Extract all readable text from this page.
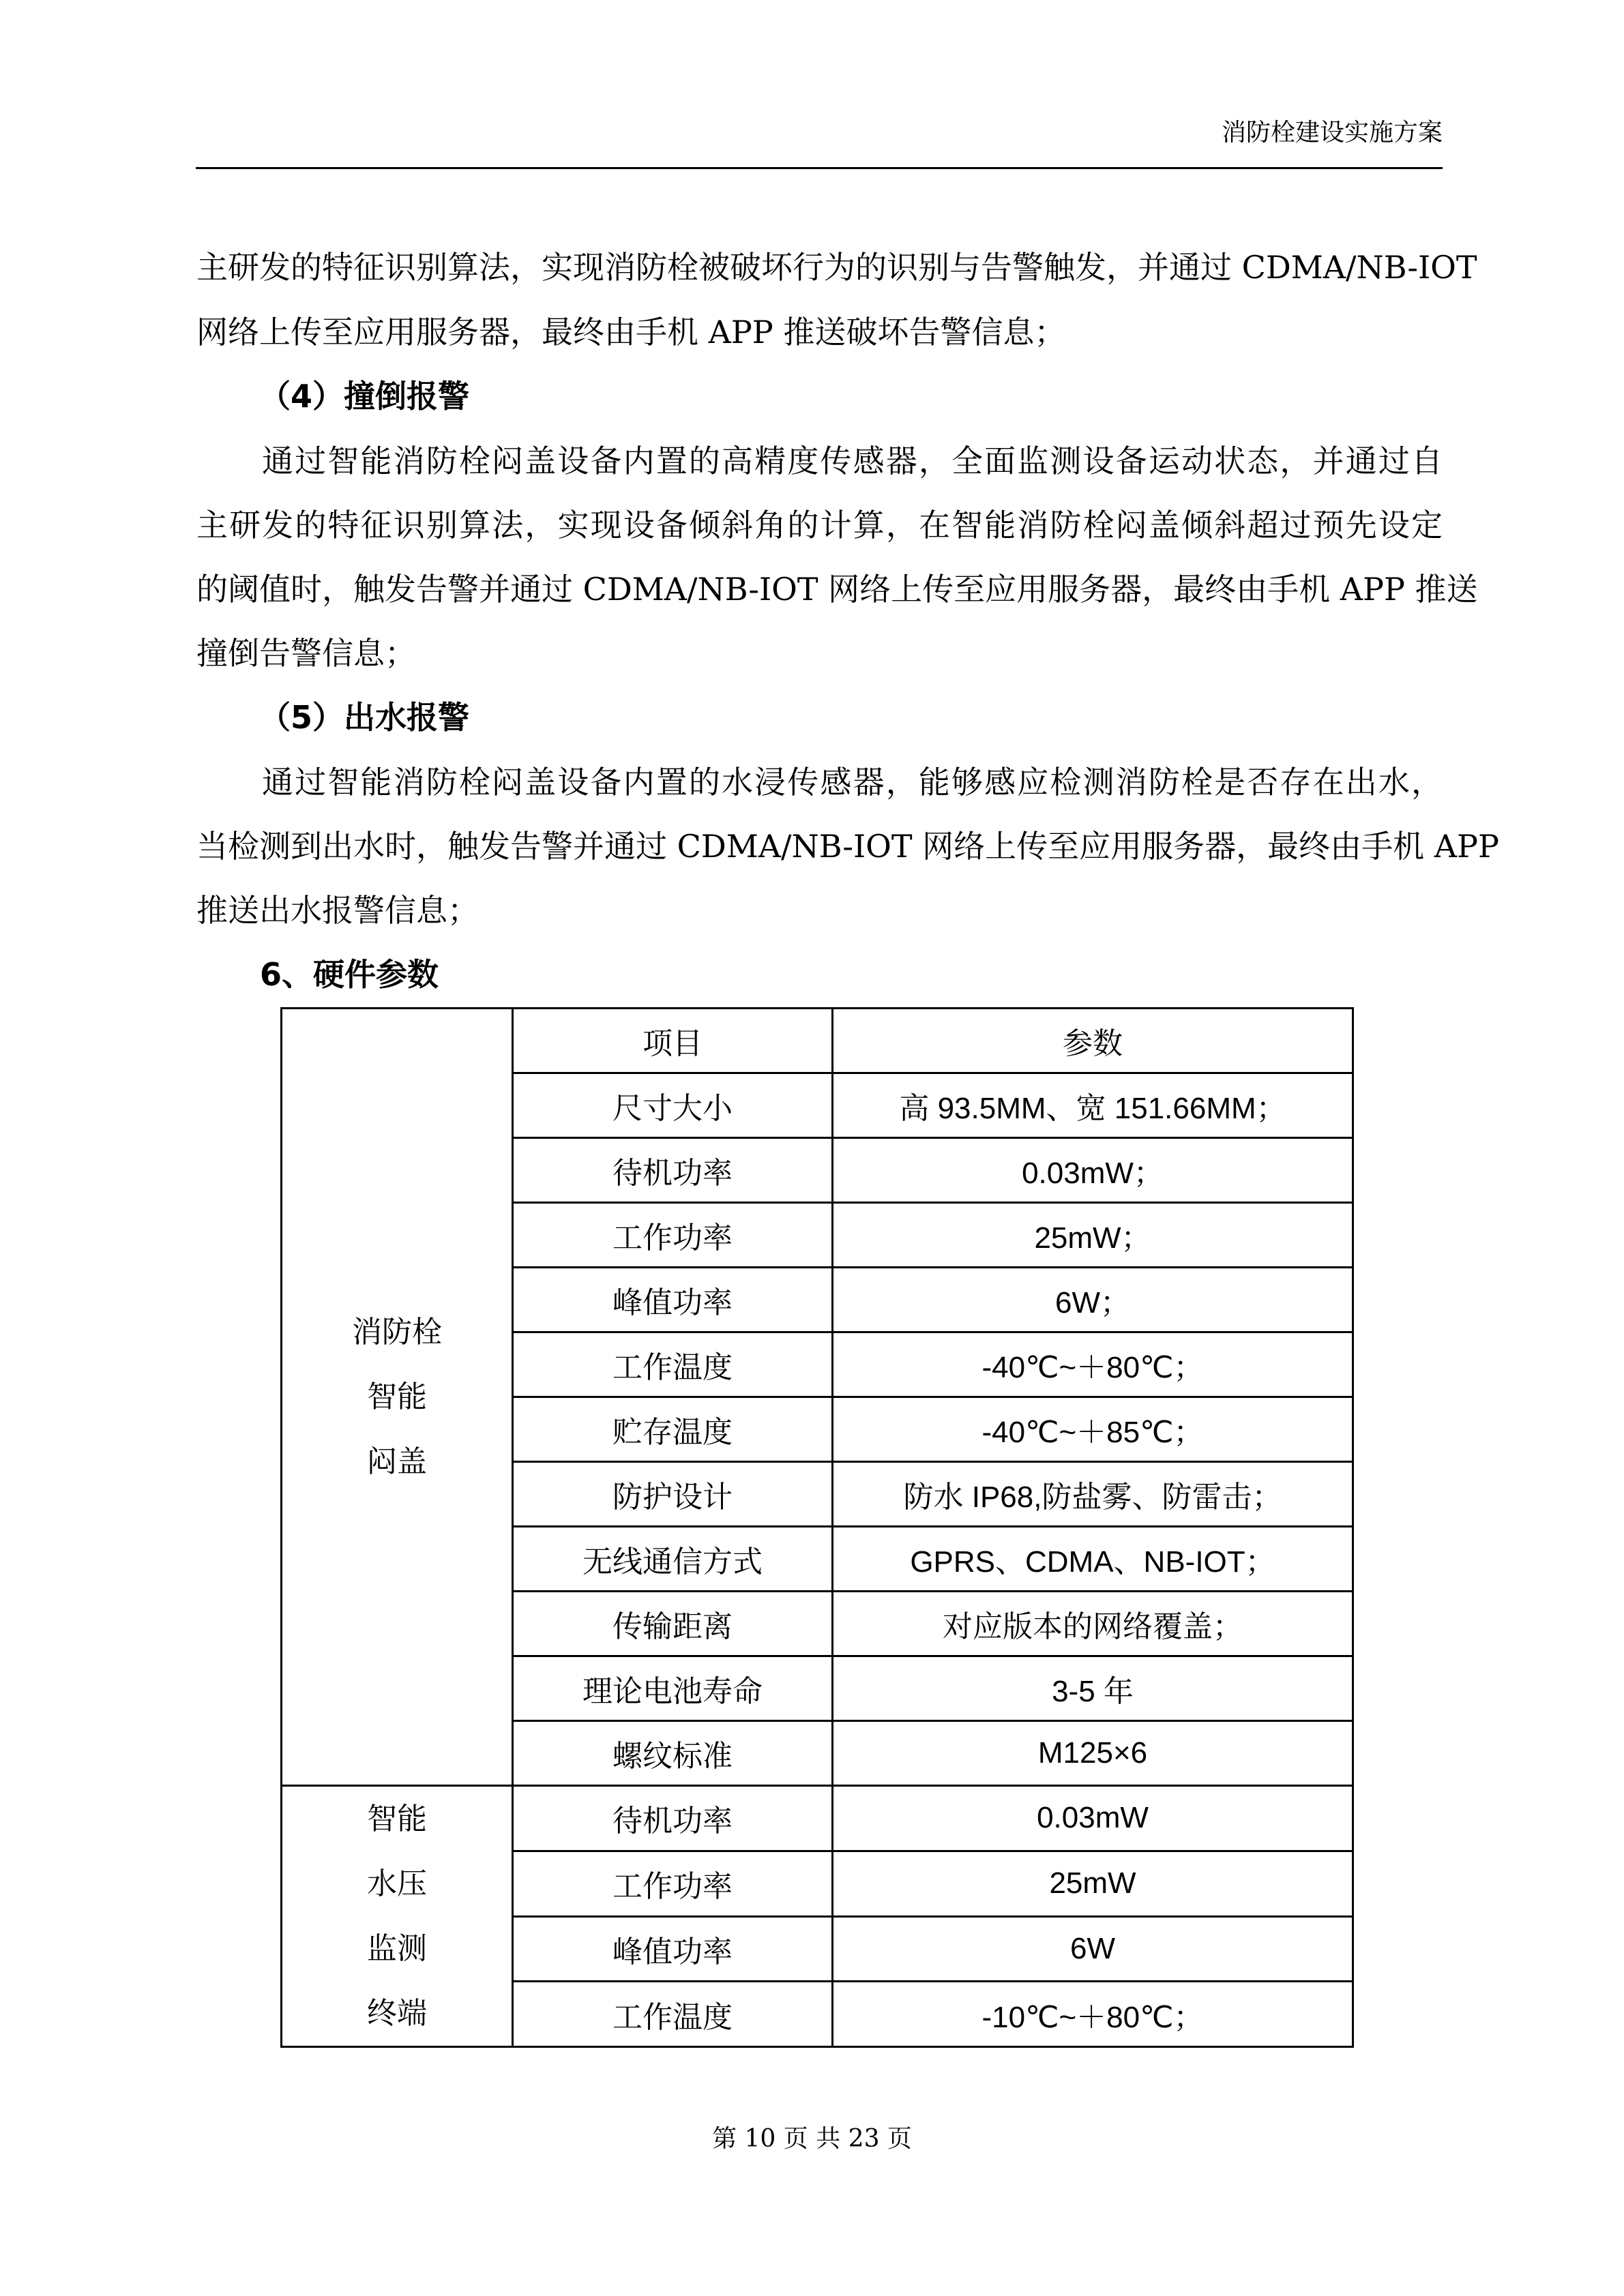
消防栓建设实施方案
主研发的特征识别算法，实现消防栓被破坏行为的识别与告警触发，并通过 CDMA/NB-IOT
网络上传至应用服务器，最终由手机 APP 推送破坏告警信息；
（4）撞倒报警
通过智能消防栓闷盖设备内置的高精度传感器，全面监测设备运动状态，并通过自
主研发的特征识别算法，实现设备倾斜角的计算，在智能消防栓闷盖倾斜超过预先设定
的阈值时，触发告警并通过 CDMA/NB-IOT 网络上传至应用服务器，最终由手机 APP 推送
撞倒告警信息；
（5）出水报警
通过智能消防栓闷盖设备内置的水浸传感器，能够感应检测消防栓是否存在出水，
当检测到出水时，触发告警并通过 CDMA/NB-IOT 网络上传至应用服务器，最终由手机 APP
推送出水报警信息；
6、硬件参数
消防栓
智能
闷盖	项目	参数
	尺寸大小	高 93.5MM、宽 151.66MM；
	待机功率	0.03mW；
	工作功率	25mW；
	峰值功率	6W；
	工作温度	-40℃~＋80℃；
	贮存温度	-40℃~＋85℃；
	防护设计	防水 IP68,防盐雾、防雷击；
	无线通信方式	GPRS、CDMA、NB-IOT；
	传输距离	对应版本的网络覆盖；
	理论电池寿命	3-5 年
	螺纹标准	M125×6

智能
水压
监测
终端	待机功率	0.03mW
	工作功率	25mW
	峰值功率	6W
	工作温度	-10℃~＋80℃；
第 10 页 共 23 页
